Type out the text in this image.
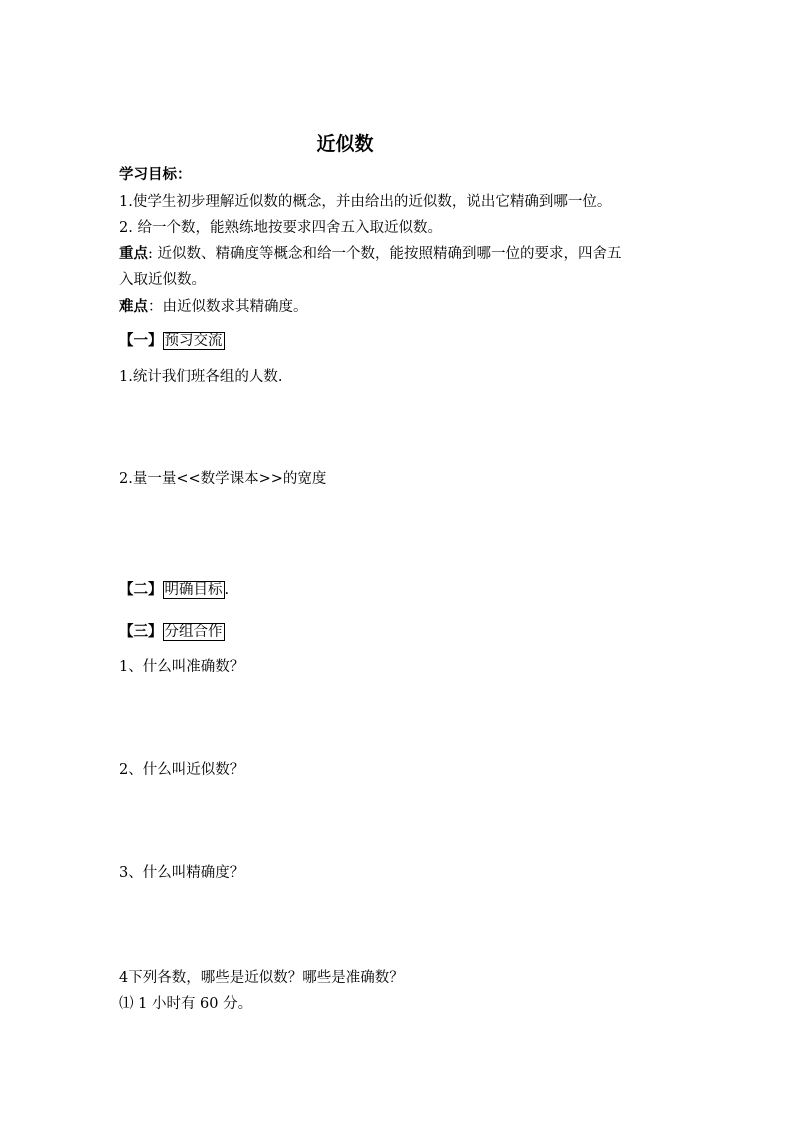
近似数
学习目标：
1.使学生初步理解近似数的概念，并由给出的近似数，说出它精确到哪一位。
2. 给一个数，能熟练地按要求四舍五入取近似数。
重点: 近似数、精确度等概念和给一个数，能按照精确到哪一位的要求，四舍五
入取近似数。
难点：由近似数求其精确度。
【一】 预习交流
1.统计我们班各组的人数.
2.量一量<<数学课本>>的宽度
【二】 明确目标 .
【三】 分组合作
1、什么叫准确数？
2、什么叫近似数？
3、什么叫精确度？
4下列各数，哪些是近似数？哪些是准确数？
⑴ 1 小时有 60 分。
